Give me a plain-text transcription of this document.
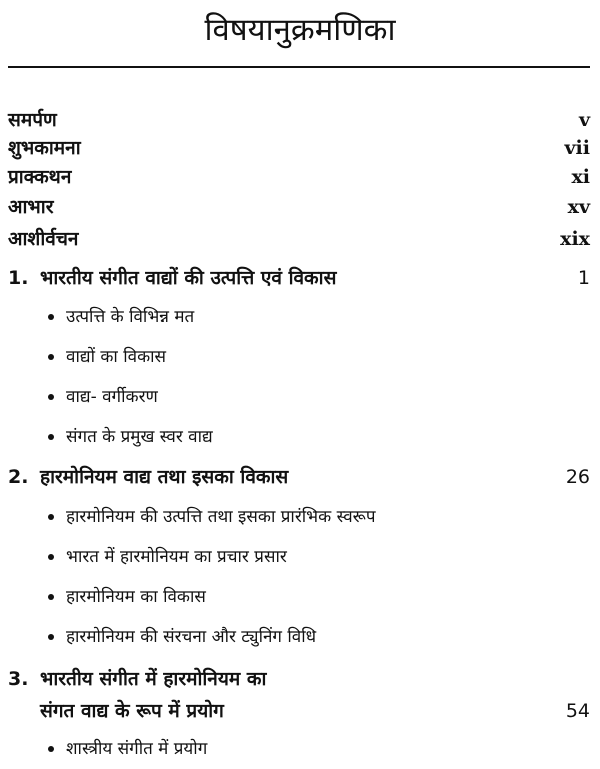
विषयानुक्रमणिका
समर्पण	v
शुभकामना	vii
प्राक्कथन	xi
आभार	xv
आशीर्वचन	xix
1. भारतीय संगीत वाद्यों की उत्पत्ति एवं विकास	1
उत्पत्ति के विभिन्न मत
वाद्यों का विकास
वाद्य- वर्गीकरण
संगत के प्रमुख स्वर वाद्य
2. हारमोनियम वाद्य तथा इसका विकास	26
हारमोनियम की उत्पत्ति तथा इसका प्रारंभिक स्वरूप
भारत में हारमोनियम का प्रचार प्रसार
हारमोनियम का विकास
हारमोनियम की संरचना और ट्युनिंग विधि
3. भारतीय संगीत में हारमोनियम का
संगत वाद्य के रूप में प्रयोग	54
शास्त्रीय संगीत में प्रयोग
